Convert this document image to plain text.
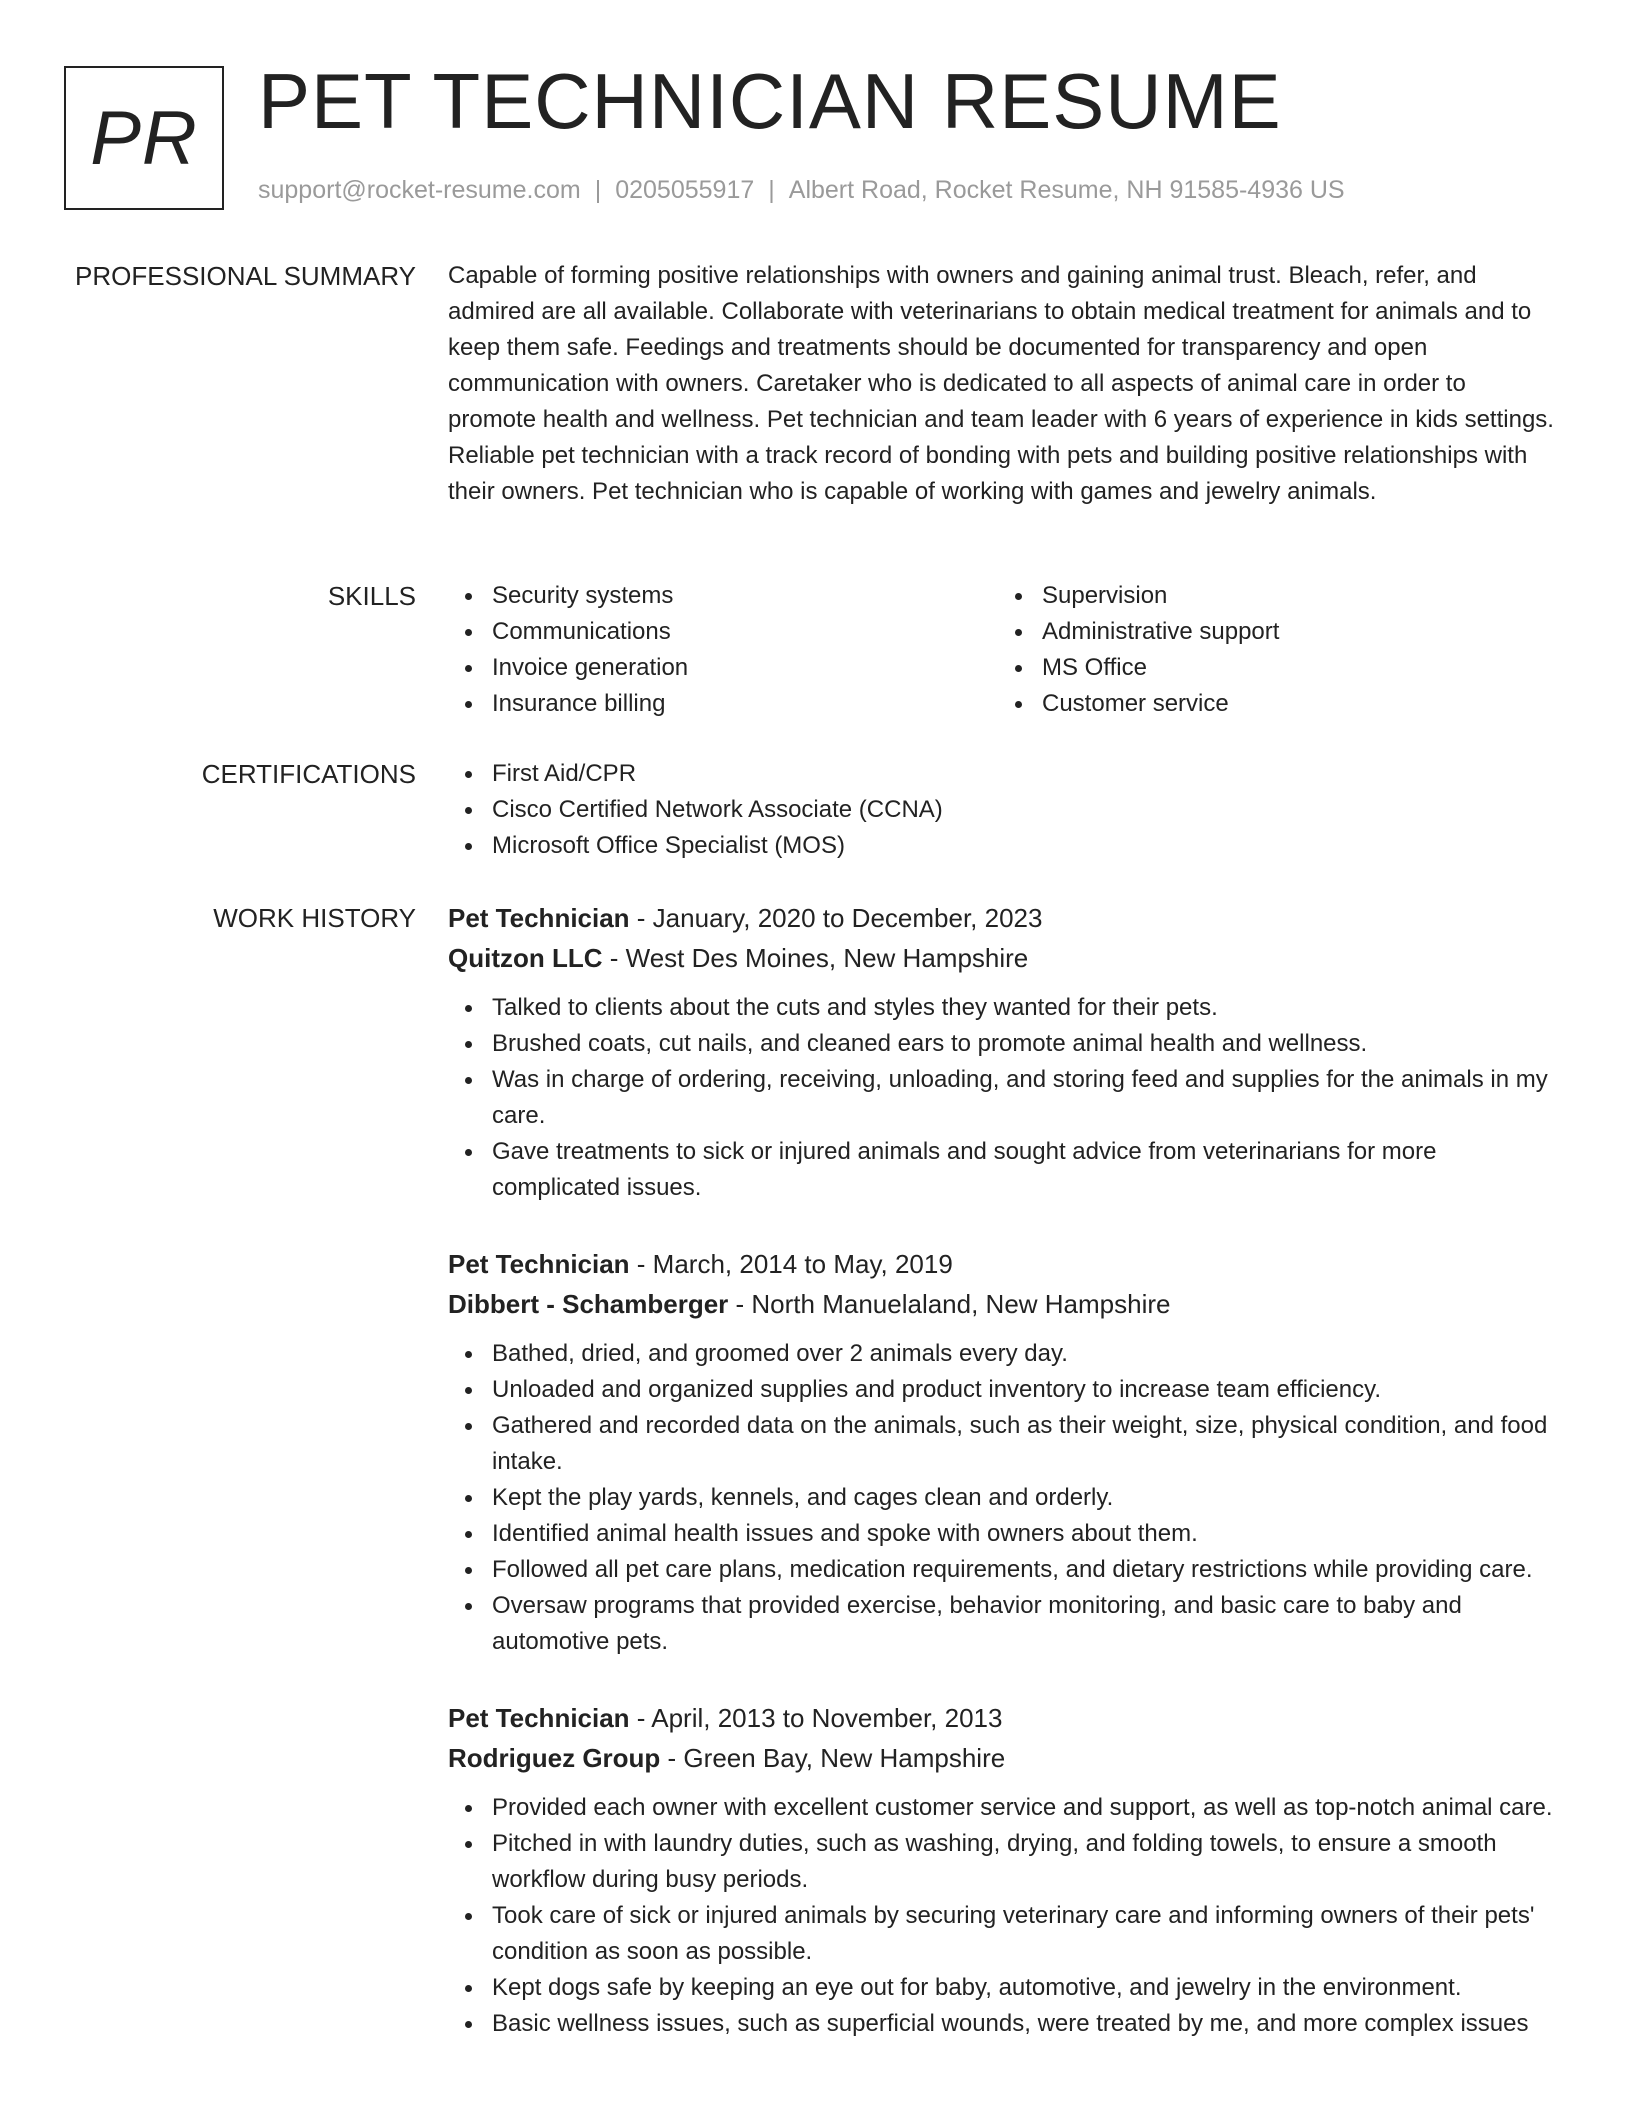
PR PET TECHNICIAN RESUME
support@rocket-resume.com | 0205055917 | Albert Road, Rocket Resume, NH 91585-4936 US
PROFESSIONAL SUMMARY Capable of forming positive relationships with owners and gaining animal trust. Bleach, refer, and admired are all available. Collaborate with veterinarians to obtain medical treatment for animals and to keep them safe. Feedings and treatments should be documented for transparency and open communication with owners. Caretaker who is dedicated to all aspects of animal care in order to promote health and wellness. Pet technician and team leader with 6 years of experience in kids settings. Reliable pet technician with a track record of bonding with pets and building positive relationships with their owners. Pet technician who is capable of working with games and jewelry animals.

SKILLS	Security systems
Communications
Invoice generation
Insurance billing
Supervision
Administrative support
MS Office
Customer service
CERTIFICATIONS	First Aid/CPR
Cisco Certified Network Associate (CCNA)
Microsoft Office Specialist (MOS)
WORK HISTORY Pet Technician - January, 2020 to December, 2023
Quitzon LLC - West Des Moines, New Hampshire
Talked to clients about the cuts and styles they wanted for their pets.
Brushed coats, cut nails, and cleaned ears to promote animal health and wellness.
Was in charge of ordering, receiving, unloading, and storing feed and supplies for the animals in my care.
Gave treatments to sick or injured animals and sought advice from veterinarians for more complicated issues.
Pet Technician - March, 2014 to May, 2019
Dibbert - Schamberger - North Manuelaland, New Hampshire
Bathed, dried, and groomed over 2 animals every day.
Unloaded and organized supplies and product inventory to increase team efficiency.
Gathered and recorded data on the animals, such as their weight, size, physical condition, and food intake.
Kept the play yards, kennels, and cages clean and orderly.
Identified animal health issues and spoke with owners about them.
Followed all pet care plans, medication requirements, and dietary restrictions while providing care.
Oversaw programs that provided exercise, behavior monitoring, and basic care to baby and automotive pets.
Pet Technician - April, 2013 to November, 2013
Rodriguez Group - Green Bay, New Hampshire
Provided each owner with excellent customer service and support, as well as top-notch animal care.
Pitched in with laundry duties, such as washing, drying, and folding towels, to ensure a smooth workflow during busy periods.
Took care of sick or injured animals by securing veterinary care and informing owners of their pets' condition as soon as possible.
Kept dogs safe by keeping an eye out for baby, automotive, and jewelry in the environment.
Basic wellness issues, such as superficial wounds, were treated by me, and more complex issues
